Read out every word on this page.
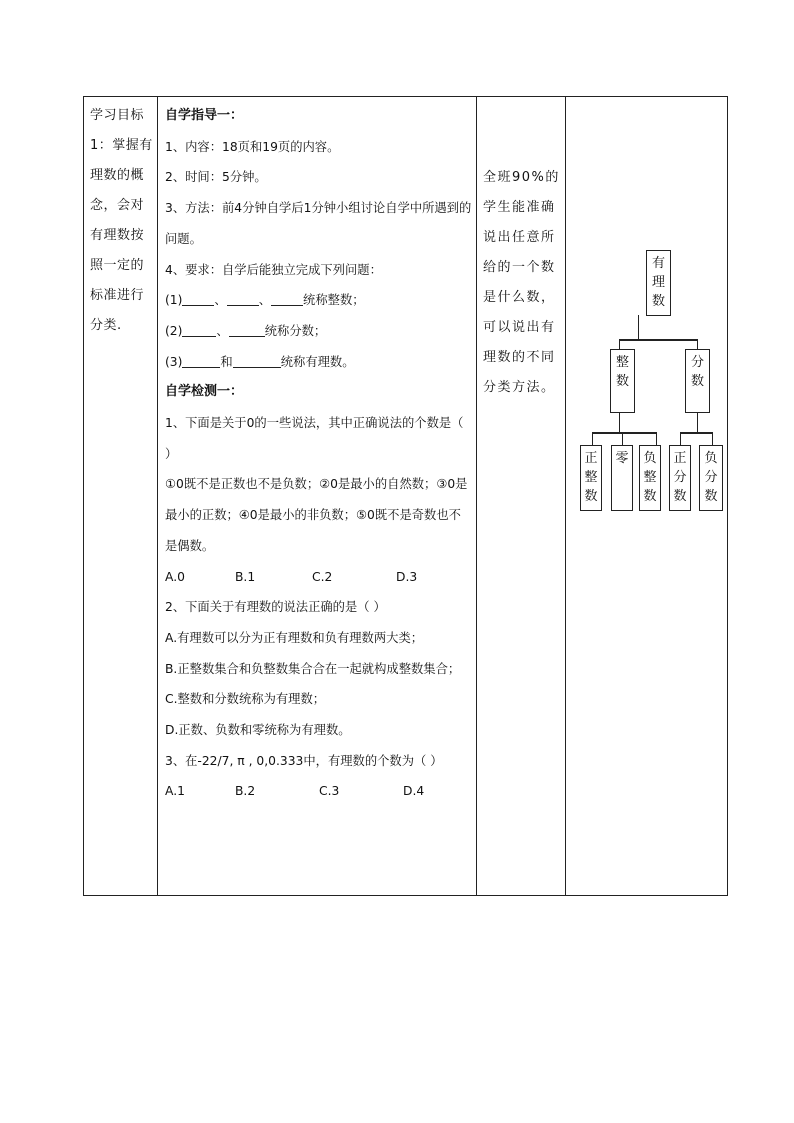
学习目标1：掌握有理数的概念，会对有理数按照一定的标准进行分类.

自学指导一：

1、内容：18页和19页的内容。

2、时间：5分钟。

3、方法：前4分钟自学后1分钟小组讨论自学中所遇到的问题。

4、要求：自学后能独立完成下列问题：

(1)	、	、	统称整数；

(2)	、	统称分数；

(3)	和	统称有理数。

自学检测一：

1、下面是关于0的一些说法，其中正确说法的个数是（ ）

①0既不是正数也不是负数；②0是最小的自然数；③0是最小的正数；④0是最小的非负数；⑤0既不是奇数也不是偶数。

A.0	B.1	C.2	D.3

2、下面关于有理数的说法正确的是（ ）

A.有理数可以分为正有理数和负有理数两大类；

B.正整数集合和负整数集合合在一起就构成整数集合；

C.整数和分数统称为有理数；

D.正数、负数和零统称为有理数。

3、在-22/7, π , 0,0.333中，有理数的个数为（ ）

A.1	B.2	C.3	D.4

全班90%的学生能准确说出任意所给的一个数是什么数，可以说出有理数的不同分类方法。

有理数
整数
分数
正整数
零	负整数
正分数
负分数
